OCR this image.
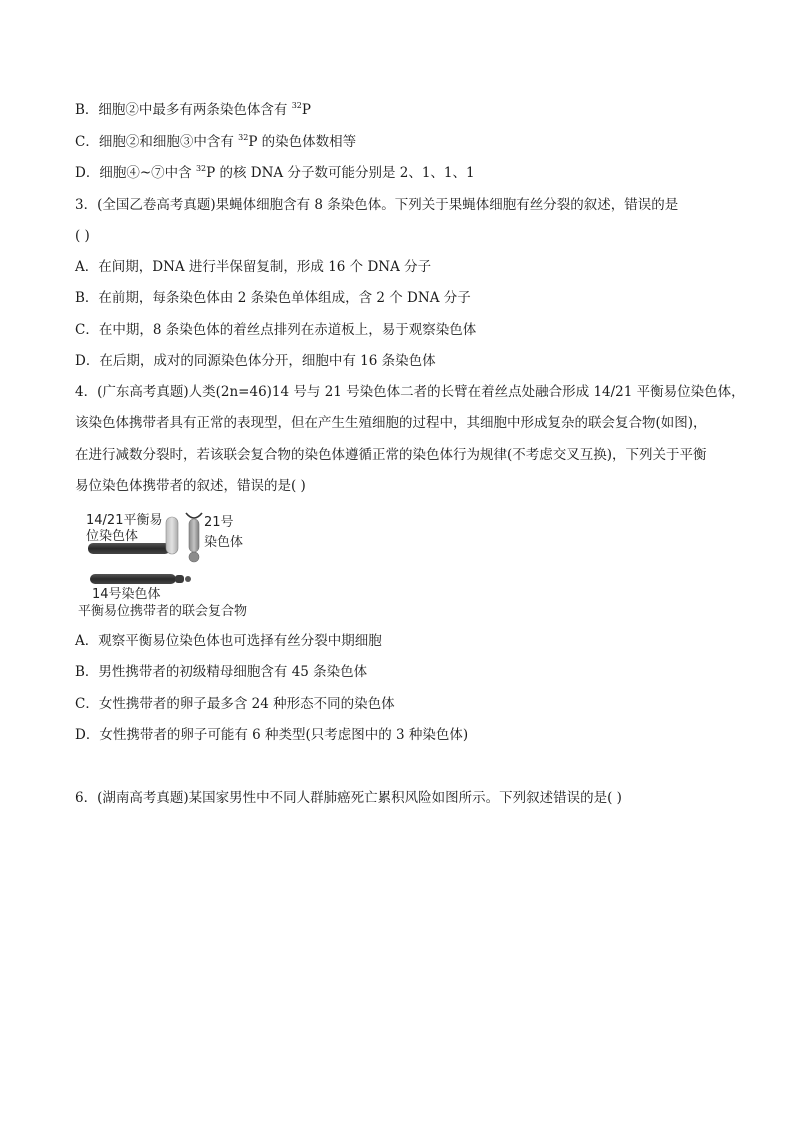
B．细胞②中最多有两条染色体含有 $^{32}$P
C．细胞②和细胞③中含有 $^{32}$P 的染色体数相等
D．细胞④~⑦中含 $^{32}$P 的核 DNA 分子数可能分别是 2、1、1、1
3．(全国乙卷高考真题)果蝇体细胞含有 8 条染色体。下列关于果蝇体细胞有丝分裂的叙述，错误的是
( )
A．在间期，DNA 进行半保留复制，形成 16 个 DNA 分子
B．在前期，每条染色体由 2 条染色单体组成，含 2 个 DNA 分子
C．在中期，8 条染色体的着丝点排列在赤道板上，易于观察染色体
D．在后期，成对的同源染色体分开，细胞中有 16 条染色体
4．(广东高考真题)人类(2n=46)14 号与 21 号染色体二者的长臂在着丝点处融合形成 14/21 平衡易位染色体，
该染色体携带者具有正常的表现型，但在产生生殖细胞的过程中，其细胞中形成复杂的联会复合物(如图)，
在进行减数分裂时，若该联会复合物的染色体遵循正常的染色体行为规律(不考虑交叉互换)，下列关于平衡
易位染色体携带者的叙述，错误的是( )
14/21平衡易
位染色体
21号
染色体
14号染色体
平衡易位携带者的联会复合物
A．观察平衡易位染色体也可选择有丝分裂中期细胞
B．男性携带者的初级精母细胞含有 45 条染色体
C．女性携带者的卵子最多含 24 种形态不同的染色体
D．女性携带者的卵子可能有 6 种类型(只考虑图中的 3 种染色体)
6．(湖南高考真题)某国家男性中不同人群肺癌死亡累积风险如图所示。下列叙述错误的是( )
